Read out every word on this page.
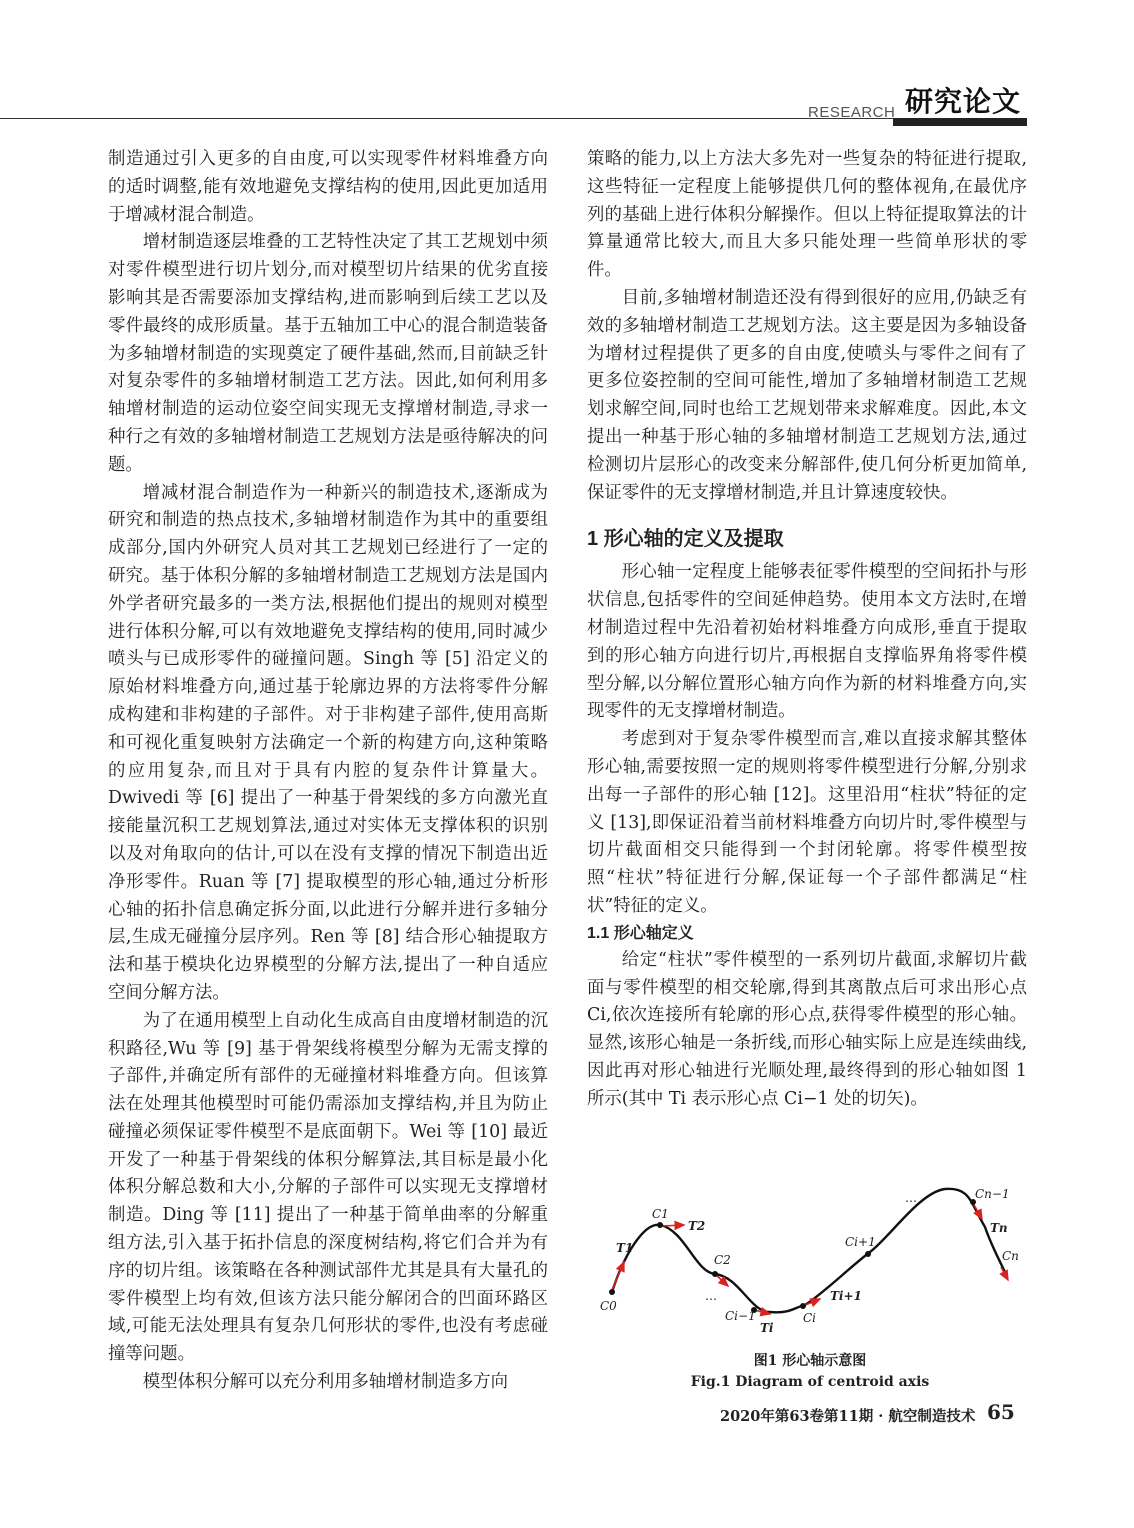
RESEARCH 研究论文

制造通过引入更多的自由度,可以实现零件材料堆叠方向的适时调整,能有效地避免支撑结构的使用,因此更加适用于增减材混合制造。

增材制造逐层堆叠的工艺特性决定了其工艺规划中须对零件模型进行切片划分,而对模型切片结果的优劣直接影响其是否需要添加支撑结构,进而影响到后续工艺以及零件最终的成形质量。基于五轴加工中心的混合制造装备为多轴增材制造的实现奠定了硬件基础,然而,目前缺乏针对复杂零件的多轴增材制造工艺方法。因此,如何利用多轴增材制造的运动位姿空间实现无支撑增材制造,寻求一种行之有效的多轴增材制造工艺规划方法是亟待解决的问题。

增减材混合制造作为一种新兴的制造技术,逐渐成为研究和制造的热点技术,多轴增材制造作为其中的重要组成部分,国内外研究人员对其工艺规划已经进行了一定的研究。基于体积分解的多轴增材制造工艺规划方法是国内外学者研究最多的一类方法,根据他们提出的规则对模型进行体积分解,可以有效地避免支撑结构的使用,同时减少喷头与已成形零件的碰撞问题。Singh 等 [5] 沿定义的原始材料堆叠方向,通过基于轮廓边界的方法将零件分解成构建和非构建的子部件。对于非构建子部件,使用高斯和可视化重复映射方法确定一个新的构建方向,这种策略的应用复杂,而且对于具有内腔的复杂件计算量大。Dwivedi 等 [6] 提出了一种基于骨架线的多方向激光直接能量沉积工艺规划算法,通过对实体无支撑体积的识别以及对角取向的估计,可以在没有支撑的情况下制造出近净形零件。Ruan 等 [7] 提取模型的形心轴,通过分析形心轴的拓扑信息确定拆分面,以此进行分解并进行多轴分层,生成无碰撞分层序列。Ren 等 [8] 结合形心轴提取方法和基于模块化边界模型的分解方法,提出了一种自适应空间分解方法。

为了在通用模型上自动化生成高自由度增材制造的沉积路径,Wu 等 [9] 基于骨架线将模型分解为无需支撑的子部件,并确定所有部件的无碰撞材料堆叠方向。但该算法在处理其他模型时可能仍需添加支撑结构,并且为防止碰撞必须保证零件模型不是底面朝下。Wei 等 [10] 最近开发了一种基于骨架线的体积分解算法,其目标是最小化体积分解总数和大小,分解的子部件可以实现无支撑增材制造。Ding 等 [11] 提出了一种基于简单曲率的分解重组方法,引入基于拓扑信息的深度树结构,将它们合并为有序的切片组。该策略在各种测试部件尤其是具有大量孔的零件模型上均有效,但该方法只能分解闭合的凹面环路区域,可能无法处理具有复杂几何形状的零件,也没有考虑碰撞等问题。

模型体积分解可以充分利用多轴增材制造多方向

策略的能力,以上方法大多先对一些复杂的特征进行提取,这些特征一定程度上能够提供几何的整体视角,在最优序列的基础上进行体积分解操作。但以上特征提取算法的计算量通常比较大,而且大多只能处理一些简单形状的零件。

目前,多轴增材制造还没有得到很好的应用,仍缺乏有效的多轴增材制造工艺规划方法。这主要是因为多轴设备为增材过程提供了更多的自由度,使喷头与零件之间有了更多位姿控制的空间可能性,增加了多轴增材制造工艺规划求解空间,同时也给工艺规划带来求解难度。因此,本文提出一种基于形心轴的多轴增材制造工艺规划方法,通过检测切片层形心的改变来分解部件,使几何分析更加简单,保证零件的无支撑增材制造,并且计算速度较快。

1 形心轴的定义及提取

形心轴一定程度上能够表征零件模型的空间拓扑与形状信息,包括零件的空间延伸趋势。使用本文方法时,在增材制造过程中先沿着初始材料堆叠方向成形,垂直于提取到的形心轴方向进行切片,再根据自支撑临界角将零件模型分解,以分解位置形心轴方向作为新的材料堆叠方向,实现零件的无支撑增材制造。

考虑到对于复杂零件模型而言,难以直接求解其整体形心轴,需要按照一定的规则将零件模型进行分解,分别求出每一子部件的形心轴 [12]。这里沿用“柱状”特征的定义 [13],即保证沿着当前材料堆叠方向切片时,零件模型与切片截面相交只能得到一个封闭轮廓。将零件模型按照“柱状”特征进行分解,保证每一个子部件都满足“柱状”特征的定义。

1.1 形心轴定义

给定“柱状”零件模型的一系列切片截面,求解切片截面与零件模型的相交轮廓,得到其离散点后可求出形心点 Ci,依次连接所有轮廓的形心点,获得零件模型的形心轴。显然,该形心轴是一条折线,而形心轴实际上应是连续曲线,因此再对形心轴进行光顺处理,最终得到的形心轴如图 1 所示(其中 Ti 表示形心点 Ci−1 处的切矢)。

C0
C1
T2
T1
C2
…
Ci−1
Ti
Ci
Ti+1
Ci+1
…	Cn−1
Tn
Cn
图1 形心轴示意图
Fig.1 Diagram of centroid axis
2020年第63卷第11期 · 航空制造技术 65
